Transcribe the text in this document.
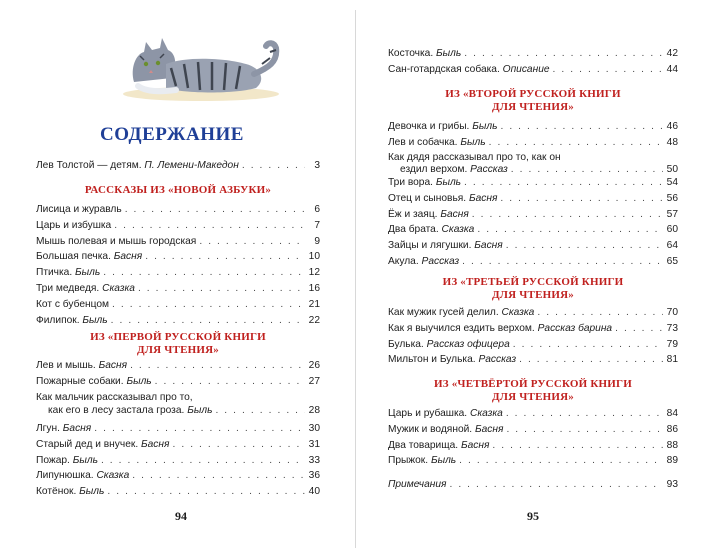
СОДЕРЖАНИЕ
Лев Толстой — детям. П. Лемени-Македон . . .	3
РАССКАЗЫ ИЗ «НОВОЙ АЗБУКИ»
Лисица и журавль . . .	6
Царь и избушка . . .	7
Мышь полевая и мышь городская . . .	9
Большая печка. Басня . . .	10
Птичка. Быль . . .	12
Три медведя. Сказка . . .	16
Кот с бубенцом . . .	21
Филипок. Быль . . .	22
ИЗ «ПЕРВОЙ РУССКОЙ КНИГИ
ДЛЯ ЧТЕНИЯ»
Лев и мышь. Басня . . .	26
Пожарные собаки. Быль . . .	27
Как мальчик рассказывал про то,
как его в лесу застала гроза. Быль . . .	28
Лгун. Басня . . .	30
Старый дед и внучек. Басня . . .	31
Пожар. Быль . . .	33
Липунюшка. Сказка . . .	36
Котёнок. Быль . . .	40
94
Косточка. Быль . . .	42
Сан-готардская собака. Описание . . .	44
ИЗ «ВТОРОЙ РУССКОЙ КНИГИ
ДЛЯ ЧТЕНИЯ»
Девочка и грибы. Быль . . .	46
Лев и собачка. Быль . . .	48
Как дядя рассказывал про то, как он
ездил верхом. Рассказ . . .	50
Три вора. Быль . . .	54
Отец и сыновья. Басня . . .	56
Ёж и заяц. Басня . . .	57
Два брата. Сказка . . .	60
Зайцы и лягушки. Басня . . .	64
Акула. Рассказ . . .	65
ИЗ «ТРЕТЬЕЙ РУССКОЙ КНИГИ
ДЛЯ ЧТЕНИЯ»
Как мужик гусей делил. Сказка . . .	70
Как я выучился ездить верхом. Рассказ барина . . .	73
Булька. Рассказ офицера . . .	79
Мильтон и Булька. Рассказ . . .	81
ИЗ «ЧЕТВЁРТОЙ РУССКОЙ КНИГИ
ДЛЯ ЧТЕНИЯ»
Царь и рубашка. Сказка . . .	84
Мужик и водяной. Басня . . .	86
Два товарища. Басня . . .	88
Прыжок. Быль . . .	89
Примечания . . .	93
95
